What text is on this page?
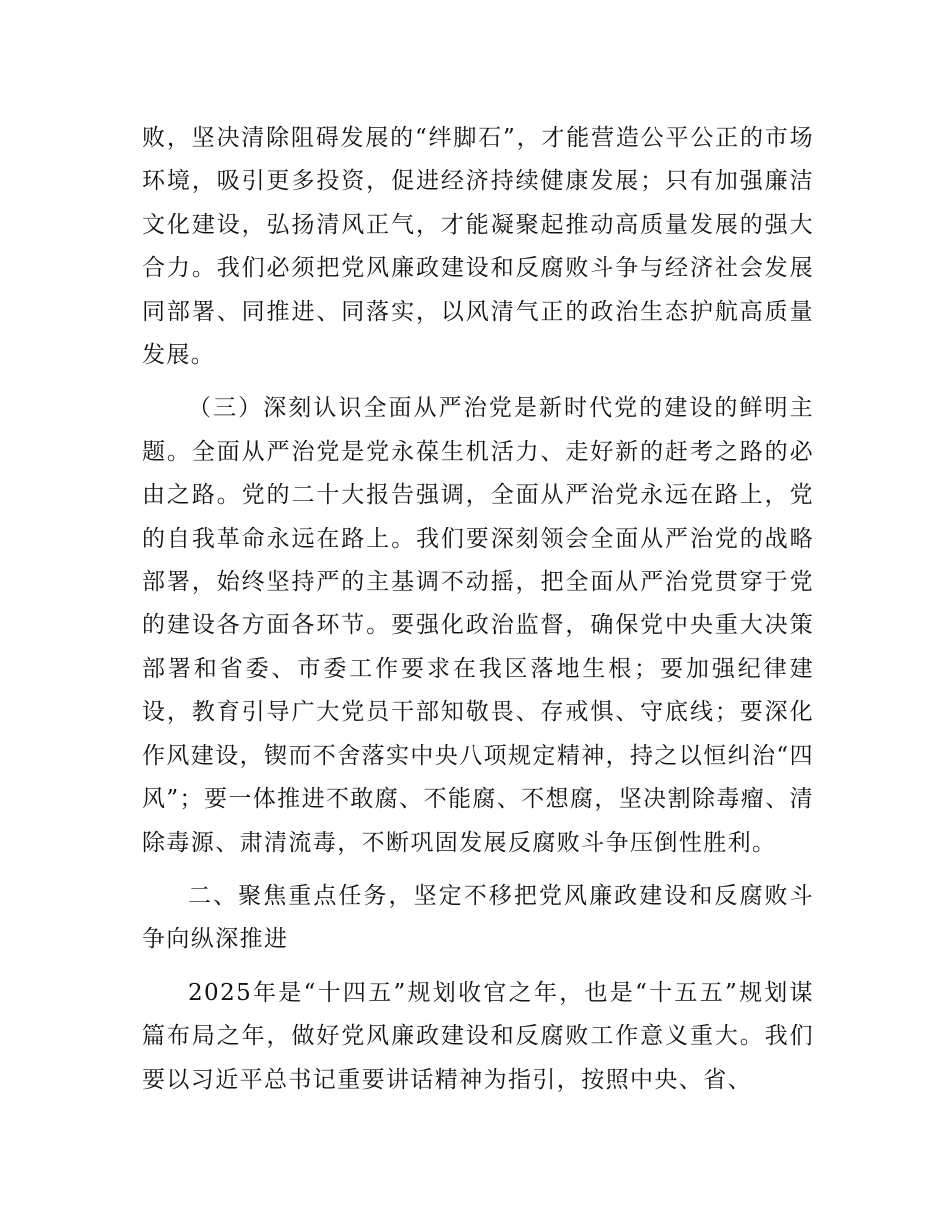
败，坚决清除阻碍发展的“绊脚石”，才能营造公平公正的市场环境，吸引更多投资，促进经济持续健康发展；只有加强廉洁文化建设，弘扬清风正气，才能凝聚起推动高质量发展的强大合力。我们必须把党风廉政建设和反腐败斗争与经济社会发展同部署、同推进、同落实，以风清气正的政治生态护航高质量发展。

（三）深刻认识全面从严治党是新时代党的建设的鲜明主题。全面从严治党是党永葆生机活力、走好新的赶考之路的必由之路。党的二十大报告强调，全面从严治党永远在路上，党的自我革命永远在路上。我们要深刻领会全面从严治党的战略部署，始终坚持严的主基调不动摇，把全面从严治党贯穿于党的建设各方面各环节。要强化政治监督，确保党中央重大决策部署和省委、市委工作要求在我区落地生根；要加强纪律建设，教育引导广大党员干部知敬畏、存戒惧、守底线；要深化作风建设，锲而不舍落实中央八项规定精神，持之以恒纠治“四风”；要一体推进不敢腐、不能腐、不想腐，坚决割除毒瘤、清除毒源、肃清流毒，不断巩固发展反腐败斗争压倒性胜利。

二、聚焦重点任务，坚定不移把党风廉政建设和反腐败斗争向纵深推进

2025年是“十四五”规划收官之年，也是“十五五”规划谋篇布局之年，做好党风廉政建设和反腐败工作意义重大。我们要以习近平总书记重要讲话精神为指引，按照中央、省、
